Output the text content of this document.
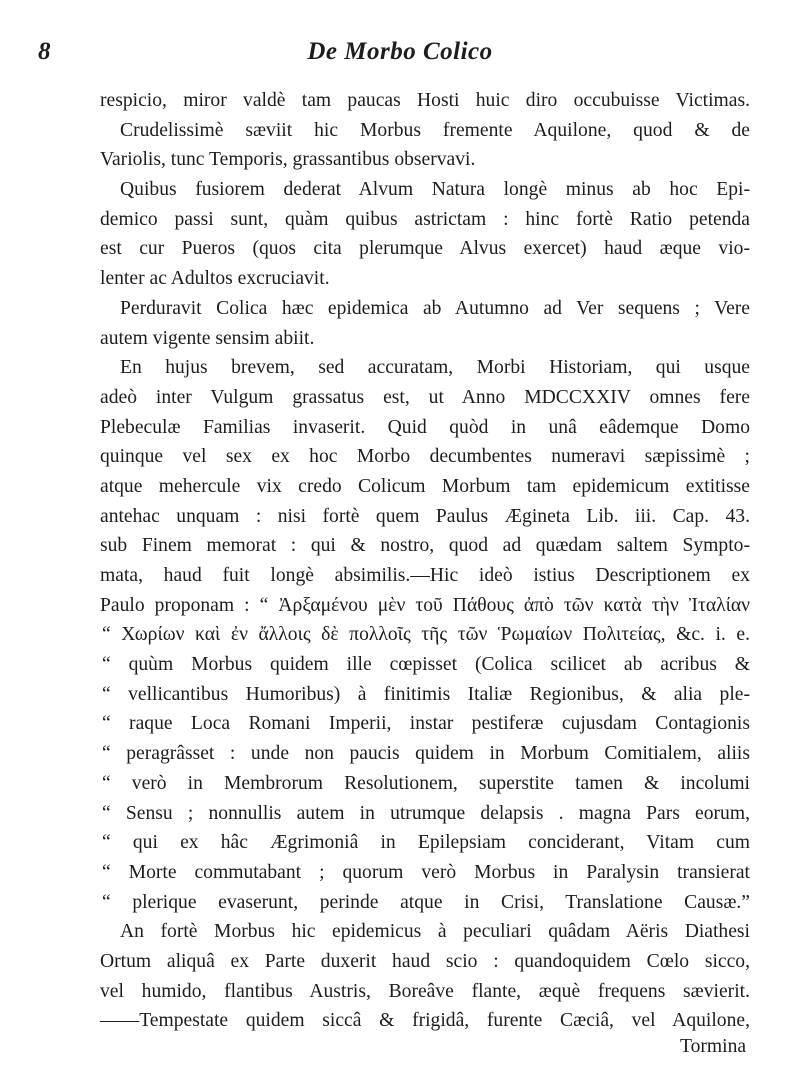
8	De Morbo Colico
respicio, miror valdè tam paucas Hosti huic diro occubuisse Victimas.
Crudelissimè sæviit hic Morbus fremente Aquilone, quod & de
Variolis, tunc Temporis, grassantibus observavi.
Quibus fusiorem dederat Alvum Natura longè minus ab hoc Epi-
demico passi sunt, quàm quibus astrictam : hinc fortè Ratio petenda
est cur Pueros (quos cita plerumque Alvus exercet) haud æque vio-
lenter ac Adultos excruciavit.
Perduravit Colica hæc epidemica ab Autumno ad Ver sequens ; Vere
autem vigente sensim abiit.
En hujus brevem, sed accuratam, Morbi Historiam, qui usque
adeò inter Vulgum grassatus est, ut Anno MDCCXXIV omnes fere
Plebeculæ Familias invaserit. Quid quòd in unâ eâdemque Domo
quinque vel sex ex hoc Morbo decumbentes numeravi sæpissimè ;
atque mehercule vix credo Colicum Morbum tam epidemicum extitisse
antehac unquam : nisi fortè quem Paulus Ægineta Lib. iii. Cap. 43.
sub Finem memorat : qui & nostro, quod ad quædam saltem Sympto-
mata, haud fuit longè absimilis.—Hic ideò istius Descriptionem ex
Paulo proponam : “ Ἀρξαμένου μὲν τοῦ Πάθους ἀπὸ τῶν κατὰ τὴν Ἰταλίαν
“ Χωρίων καὶ ἐν ἄλλοις δὲ πολλοῖς τῆς τῶν Ῥωμαίων Πολιτείας, &c. i. e.
“ quùm Morbus quidem ille cœpisset (Colica scilicet ab acribus &
“ vellicantibus Humoribus) à finitimis Italiæ Regionibus, & alia ple-
“ raque Loca Romani Imperii, instar pestiferæ cujusdam Contagionis
“ peragrâsset : unde non paucis quidem in Morbum Comitialem, aliis
“ verò in Membrorum Resolutionem, superstite tamen & incolumi
“ Sensu ; nonnullis autem in utrumque delapsis . magna Pars eorum,
“ qui ex hâc Ægrimoniâ in Epilepsiam conciderant, Vitam cum
“ Morte commutabant ; quorum verò Morbus in Paralysin transierat
“ plerique evaserunt, perinde atque in Crisi, Translatione Causæ.”
An fortè Morbus hic epidemicus à peculiari quâdam Aëris Diathesi
Ortum aliquâ ex Parte duxerit haud scio : quandoquidem Cœlo sicco,
vel humido, flantibus Austris, Boreâve flante, æquè frequens sævierit.
——Tempestate quidem siccâ & frigidâ, furente Cæciâ, vel Aquilone,
Tormina
